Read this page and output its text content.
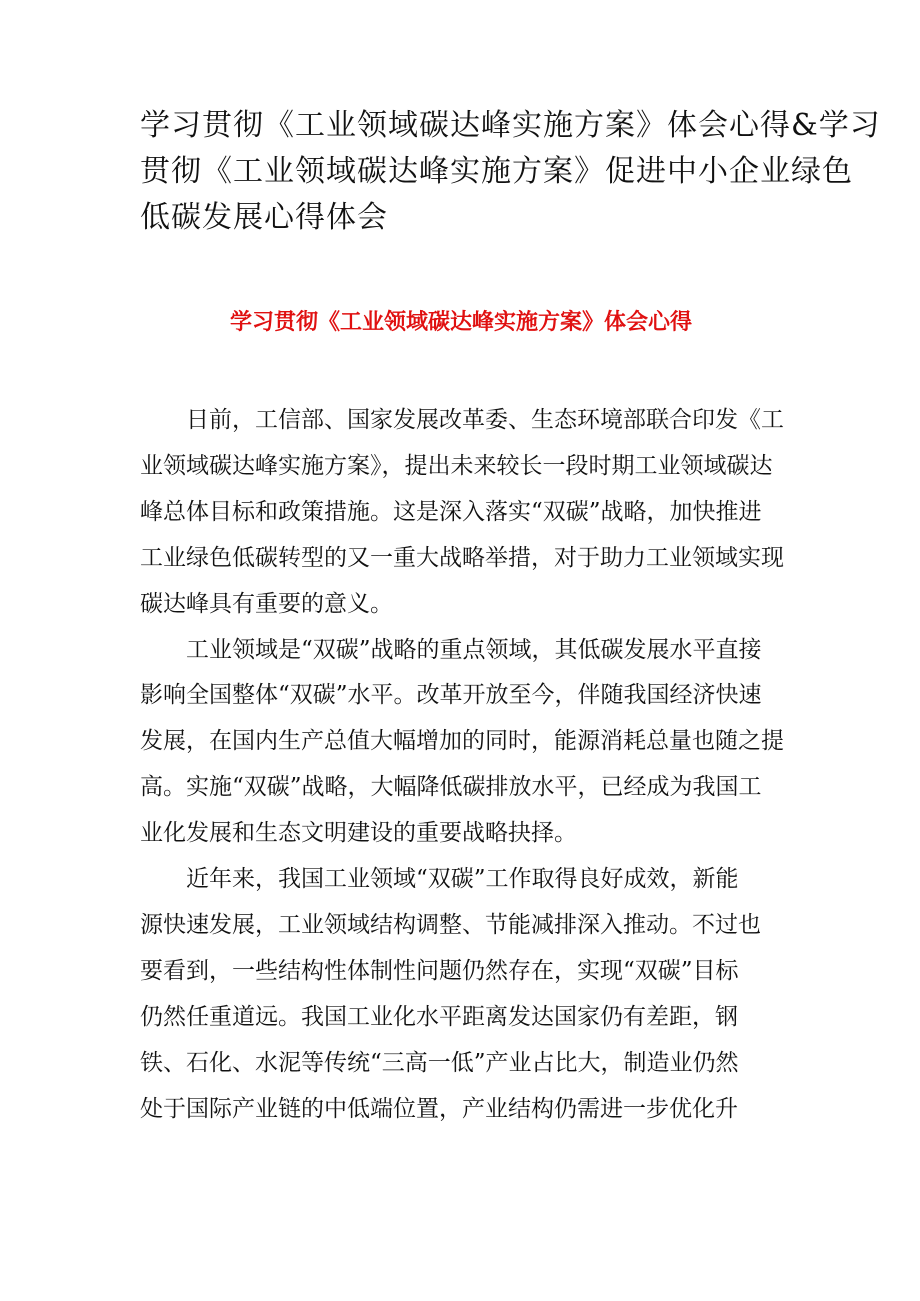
学习贯彻《工业领域碳达峰实施方案》体会心得&学习
贯彻《工业领域碳达峰实施方案》促进中小企业绿色
低碳发展心得体会
学习贯彻《工业领域碳达峰实施方案》体会心得

日前，工信部、国家发展改革委、生态环境部联合印发《工
业领域碳达峰实施方案》，提出未来较长一段时期工业领域碳达
峰总体目标和政策措施。这是深入落实“双碳”战略，加快推进
工业绿色低碳转型的又一重大战略举措，对于助力工业领域实现
碳达峰具有重要的意义。

工业领域是“双碳”战略的重点领域，其低碳发展水平直接
影响全国整体“双碳”水平。改革开放至今，伴随我国经济快速
发展，在国内生产总值大幅增加的同时，能源消耗总量也随之提
高。实施“双碳”战略，大幅降低碳排放水平，已经成为我国工
业化发展和生态文明建设的重要战略抉择。

近年来，我国工业领域“双碳”工作取得良好成效，新能
源快速发展，工业领域结构调整、节能减排深入推动。不过也
要看到，一些结构性体制性问题仍然存在，实现“双碳”目标
仍然任重道远。我国工业化水平距离发达国家仍有差距，钢
铁、石化、水泥等传统“三高一低”产业占比大，制造业仍然
处于国际产业链的中低端位置，产业结构仍需进一步优化升
